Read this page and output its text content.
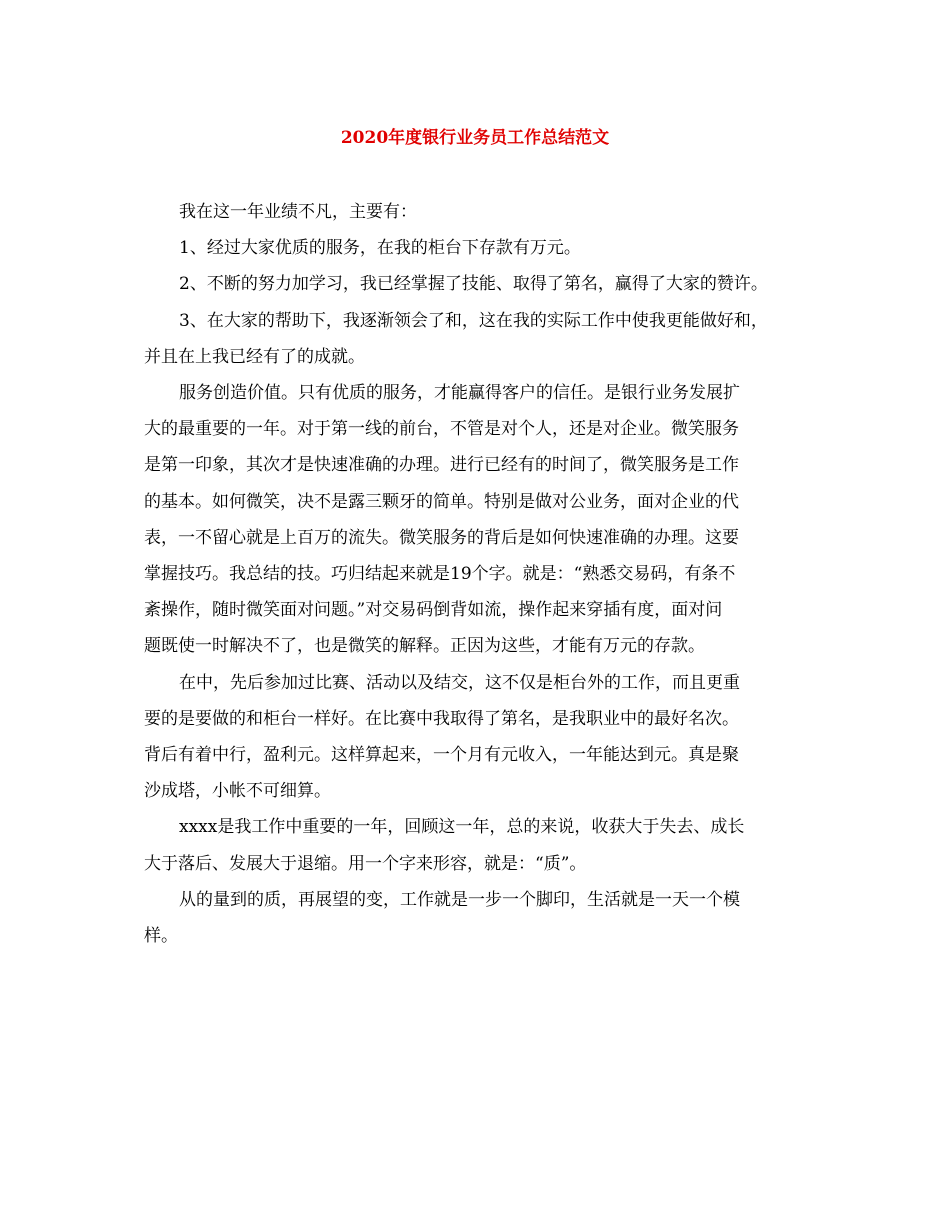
2020年度银行业务员工作总结范文
我在这一年业绩不凡，主要有：
1、经过大家优质的服务，在我的柜台下存款有万元。
2、不断的努力加学习，我已经掌握了技能、取得了第名，赢得了大家的赞许。
3、在大家的帮助下，我逐渐领会了和，这在我的实际工作中使我更能做好和，
并且在上我已经有了的成就。
服务创造价值。只有优质的服务，才能赢得客户的信任。是银行业务发展扩
大的最重要的一年。对于第一线的前台，不管是对个人，还是对企业。微笑服务
是第一印象，其次才是快速准确的办理。进行已经有的时间了，微笑服务是工作
的基本。如何微笑，决不是露三颗牙的简单。特别是做对公业务，面对企业的代
表，一不留心就是上百万的流失。微笑服务的背后是如何快速准确的办理。这要
掌握技巧。我总结的技。巧归结起来就是19个字。就是：“熟悉交易码，有条不
紊操作，随时微笑面对问题。”对交易码倒背如流，操作起来穿插有度，面对问
题既使一时解决不了，也是微笑的解释。正因为这些，才能有万元的存款。
在中，先后参加过比赛、活动以及结交，这不仅是柜台外的工作，而且更重
要的是要做的和柜台一样好。在比赛中我取得了第名，是我职业中的最好名次。
背后有着中行，盈利元。这样算起来，一个月有元收入，一年能达到元。真是聚
沙成塔，小帐不可细算。
xxxx是我工作中重要的一年，回顾这一年，总的来说，收获大于失去、成长
大于落后、发展大于退缩。用一个字来形容，就是：“质”。
从的量到的质，再展望的变，工作就是一步一个脚印，生活就是一天一个模
样。
